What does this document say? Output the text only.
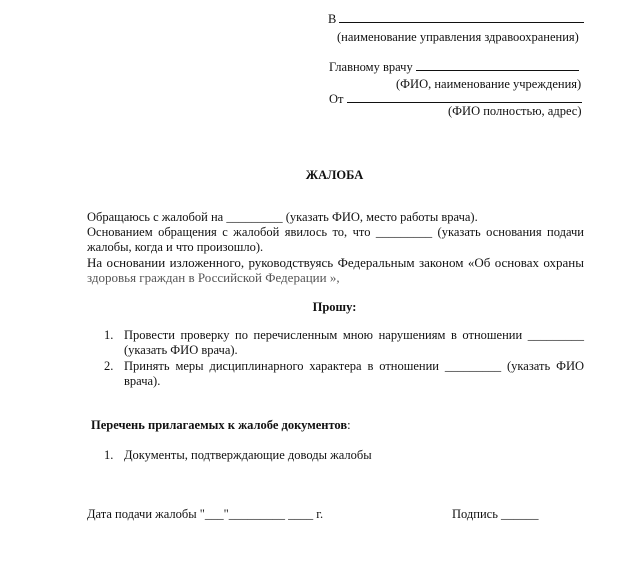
В
(наименование управления здравоохранения)
Главному врачу
(ФИО, наименование учреждения)
От
(ФИО полностью, адрес)
ЖАЛОБА
Обращаюсь с жалобой на _________ (указать ФИО, место работы врача).
Основанием обращения с жалобой явилось то, что _________ (указать основания подачи
жалобы, когда и что произошло).
На основании изложенного, руководствуясь Федеральным законом «Об основах охраны
здоровья граждан в Российской Федерации »,
Прошу:
1. Провести проверку по перечисленным мною нарушениям в отношении _________
(указать ФИО врача).
2. Принять меры дисциплинарного характера в отношении _________ (указать ФИО
врача).
Перечень прилагаемых к жалобе документов:
1. Документы, подтверждающие доводы жалобы
Дата подачи жалобы "___"_________ ____ г.	Подпись ______
